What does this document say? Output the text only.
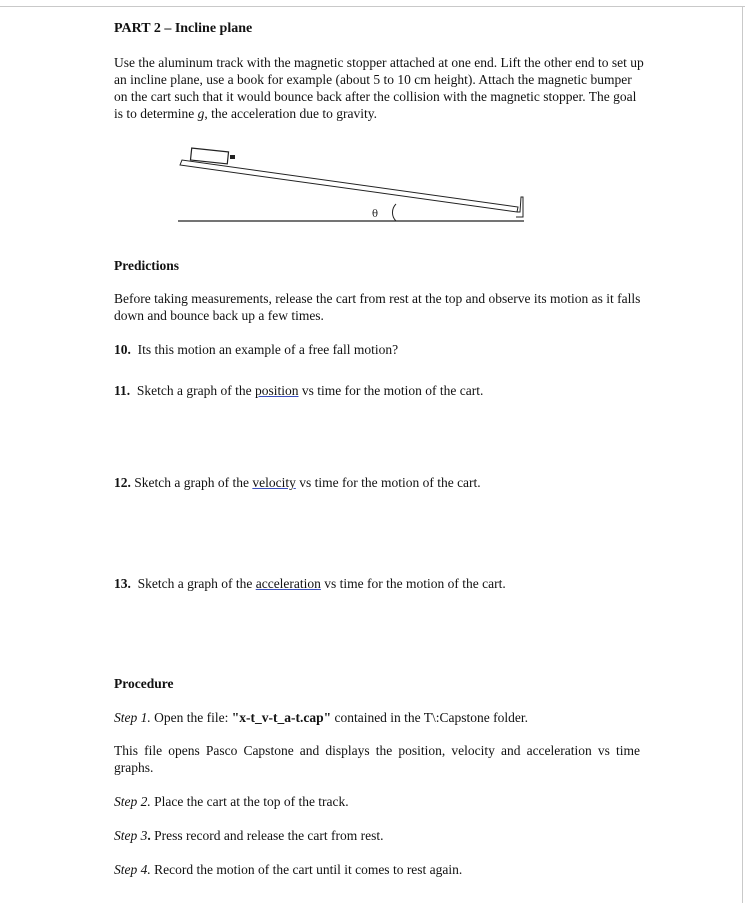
PART 2 – Incline plane
Use the aluminum track with the magnetic stopper attached at one end. Lift the other end to set up an incline plane, use a book for example (about 5 to 10 cm height). Attach the magnetic bumper on the cart such that it would bounce back after the collision with the magnetic stopper. The goal is to determine g, the acceleration due to gravity.
θ
Predictions
Before taking measurements, release the cart from rest at the top and observe its motion as it falls down and bounce back up a few times.
10. Its this motion an example of a free fall motion?
11. Sketch a graph of the position vs time for the motion of the cart.
12. Sketch a graph of the velocity vs time for the motion of the cart.
13. Sketch a graph of the acceleration vs time for the motion of the cart.
Procedure
Step 1. Open the file: "x-t_v-t_a-t.cap" contained in the T\:Capstone folder.
This file opens Pasco Capstone and displays the position, velocity and acceleration vs time graphs.
Step 2. Place the cart at the top of the track.
Step 3. Press record and release the cart from rest.
Step 4. Record the motion of the cart until it comes to rest again.
